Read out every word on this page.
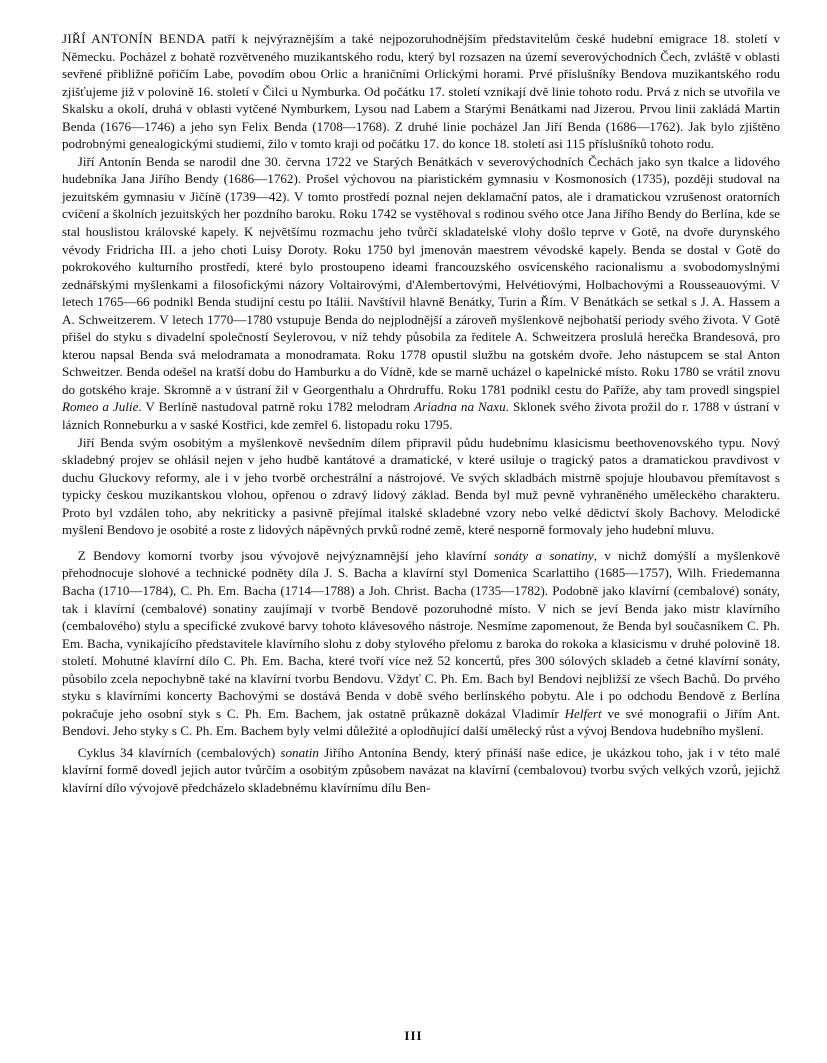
JIŘÍ ANTONÍN BENDA patří k nejvýraznějším a také nejpozoruhodnějším představitelům české hudební emigrace 18. století v Německu. Pocházel z bohatě rozvětveného muzikantského rodu, který byl rozsazen na území severovýchodních Čech, zvláště v oblasti sevřené přibližně pořičím Labe, povodím obou Orlic a hraničními Orlickými horami. Prvé příslušníky Bendova muzikantského rodu zjišťujeme již v polovině 16. století v Čilci u Nymburka. Od počátku 17. století vznikají dvě linie tohoto rodu. Prvá z nich se utvořila ve Skalsku a okolí, druhá v oblasti vytčené Nymburkem, Lysou nad Labem a Starými Benátkami nad Jizerou. Prvou linii zakládá Martin Benda (1676—1746) a jeho syn Felix Benda (1708—1768). Z druhé linie pocházel Jan Jiří Benda (1686—1762). Jak bylo zjištěno podrobnými genealogickými studiemi, žilo v tomto kraji od počátku 17. do konce 18. století asi 115 příslušníků tohoto rodu.

Jiří Antonín Benda se narodil dne 30. června 1722 ve Starých Benátkách v severovýchodních Čechách jako syn tkalce a lidového hudebníka Jana Jiřího Bendy (1686—1762). Prošel výchovou na piaristickém gymnasiu v Kosmonosích (1735), později studoval na jezuitském gymnasiu v Jičíně (1739—42). V tomto prostředí poznal nejen deklamační patos, ale i dramatickou vzrušenost oratorních cvičení a školních jezuitských her pozdního baroku. Roku 1742 se vystěhoval s rodinou svého otce Jana Jiřího Bendy do Berlína, kde se stal houslistou královské kapely. K největšímu rozmachu jeho tvůrčí skladatelské vlohy došlo teprve v Gotě, na dvoře durynského vévody Fridricha III. a jeho choti Luisy Doroty. Roku 1750 byl jmenován maestrem vévodské kapely. Benda se dostal v Gotě do pokrokového kulturního prostředí, které bylo prostoupeno ideami francouzského osvícenského racionalismu a svobodomyslnými zednářskými myšlenkami a filosofickými názory Voltairovými, d'Alembertovými, Helvétiovými, Holbachovými a Rousseauovými. V letech 1765—66 podnikl Benda studijní cestu po Itálii. Navštívil hlavně Benátky, Turin a Řím. V Benátkách se setkal s J. A. Hassem a A. Schweitzerem. V letech 1770—1780 vstupuje Benda do nejplodnější a zároveň myšlenkově nejbohatší periody svého života. V Gotě přišel do styku s divadelní společností Seylerovou, v níž tehdy působila za ředitele A. Schweitzera proslulá herečka Brandesová, pro kterou napsal Benda svá melodramata a monodramata. Roku 1778 opustil službu na gotském dvoře. Jeho nástupcem se stal Anton Schweitzer. Benda odešel na kratší dobu do Hamburku a do Vídně, kde se marně ucházel o kapelnické místo. Roku 1780 se vrátil znovu do gotského kraje. Skromně a v ústraní žil v Georgenthalu a Ohrdruffu. Roku 1781 podnikl cestu do Paříže, aby tam provedl singspiel Romeo a Julie. V Berlíně nastudoval patrně roku 1782 melodram Ariadna na Naxu. Sklonek svého života prožil do r. 1788 v ústraní v lázních Ronneburku a v saské Kostřici, kde zemřel 6. listopadu roku 1795.

Jiří Benda svým osobitým a myšlenkově nevšedním dílem připravil půdu hudebnímu klasicismu beethovenovského typu. Nový skladebný projev se ohlásil nejen v jeho hudbě kantátové a dramatické, v které usiluje o tragický patos a dramatickou pravdivost v duchu Gluckovy reformy, ale i v jeho tvorbě orchestrální a nástrojové. Ve svých skladbách mistrně spojuje hloubavou přemítavost s typicky českou muzikantskou vlohou, opřenou o zdravý lidový základ. Benda byl muž pevně vyhraněného uměleckého charakteru. Proto byl vzdálen toho, aby nekriticky a pasivně přejímal italské skladebné vzory nebo velké dědictví školy Bachovy. Melodické myšlení Bendovo je osobité a roste z lidových nápěvných prvků rodné země, které nesporně formovaly jeho hudební mluvu.

Z Bendovy komorní tvorby jsou vývojově nejvýznamnější jeho klavírní sonáty a sonatiny, v nichž domýšlí a myšlenkově přehodnocuje slohové a technické podněty díla J. S. Bacha a klavírní styl Domenica Scarlattiho (1685—1757), Wilh. Friedemanna Bacha (1710—1784), C. Ph. Em. Bacha (1714—1788) a Joh. Christ. Bacha (1735—1782). Podobně jako klavírní (cembalové) sonáty, tak i klavírní (cembalové) sonatiny zaujímají v tvorbě Bendově pozoruhodné místo. V nich se jeví Benda jako mistr klavírního (cembalového) stylu a specifické zvukové barvy tohoto klávesového nástroje. Nesmíme zapomenout, že Benda byl současníkem C. Ph. Em. Bacha, vynikajícího představitele klavírního slohu z doby stylového přelomu z baroka do rokoka a klasicismu v druhé polovině 18. století. Mohutné klavírní dílo C. Ph. Em. Bacha, které tvoří více než 52 koncertů, přes 300 sólových skladeb a četné klavírní sonáty, působilo zcela nepochybně také na klavírní tvorbu Bendovu. Vždyť C. Ph. Em. Bach byl Bendovi nejbližší ze všech Bachů. Do prvého styku s klavírními koncerty Bachovými se dostává Benda v době svého berlínského pobytu. Ale i po odchodu Bendově z Berlína pokračuje jeho osobní styk s C. Ph. Em. Bachem, jak ostatně průkazně dokázal Vladimír Helfert ve své monografii o Jiřím Ant. Bendovi. Jeho styky s C. Ph. Em. Bachem byly velmi důležité a oplodňující další umělecký růst a vývoj Bendova hudebního myšlení.

Cyklus 34 klavírních (cembalových) sonatin Jiřího Antonína Bendy, který přináší naše edice, je ukázkou toho, jak i v této malé klavírní formě dovedl jejich autor tvůrčím a osobitým způsobem navázat na klavírní (cembalovou) tvorbu svých velkých vzorů, jejichž klavírní dílo vývojově předcházelo skladebnému klavírnímu dílu Ben-

III
